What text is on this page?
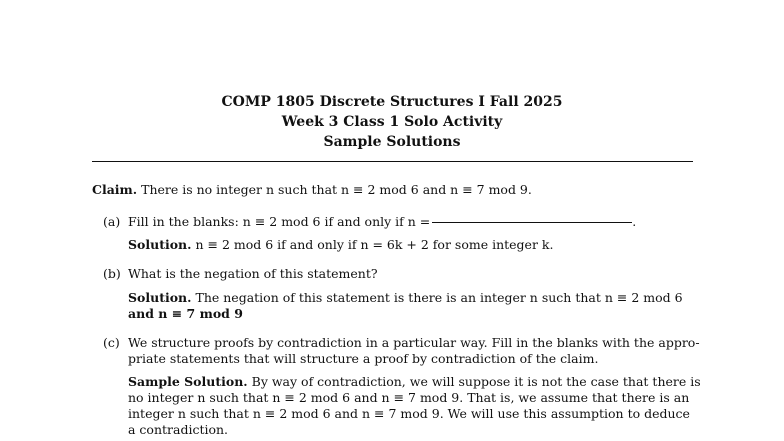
COMP 1805 Discrete Structures I Fall 2025
Week 3 Class 1 Solo Activity
Sample Solutions
Claim. There is no integer n such that n ≡ 2 mod 6 and n ≡ 7 mod 9.
(a) Fill in the blanks: n ≡ 2 mod 6 if and only if n =	.
Solution. n ≡ 2 mod 6 if and only if n = 6k + 2 for some integer k.
(b) What is the negation of this statement?
Solution. The negation of this statement is there is an integer n such that n ≡ 2 mod 6
and n ≡ 7 mod 9
(c) We structure proofs by contradiction in a particular way. Fill in the blanks with the appro-
priate statements that will structure a proof by contradiction of the claim.
Sample Solution. By way of contradiction, we will suppose it is not the case that there is
no integer n such that n ≡ 2 mod 6 and n ≡ 7 mod 9. That is, we assume that there is an
integer n such that n ≡ 2 mod 6 and n ≡ 7 mod 9. We will use this assumption to deduce
a contradiction.
